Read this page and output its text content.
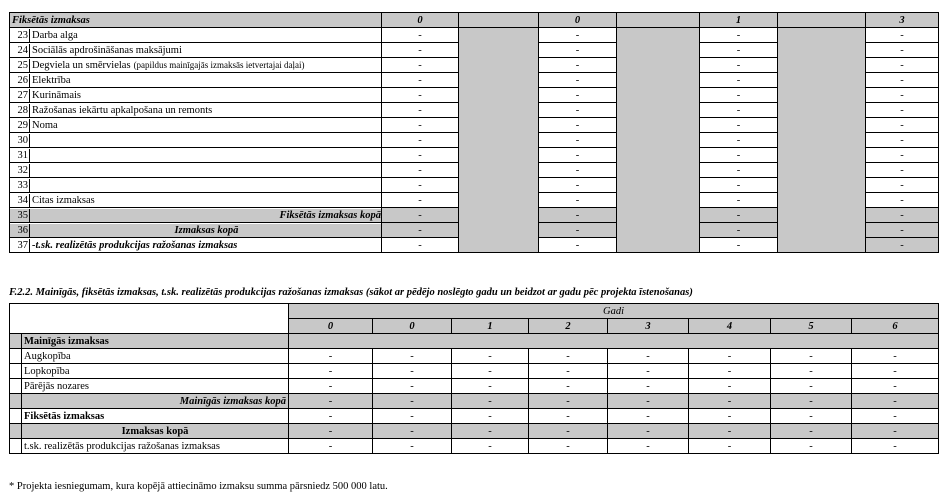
Fiksētās izmaksas	0		0		1		3

23 Darba alga	-		-		-		-

24 Sociālās apdrošināšanas maksājumi	-		-		-		-

25 Degviela un smērvielas (papildus mainīgajās izmaksās ietvertajai daļai)	-		-		-		-

26 Elektrība	-		-		-		-

27 Kurināmais	-		-		-		-

28 Ražošanas iekārtu apkalpošana un remonts	-		-		-		-

29 Noma	-		-		-		-

30	-		-		-		-

31	-		-		-		-

32	-		-		-		-

33	-		-		-		-

34 Citas izmaksas	-		-		-		-

35 Fiksētās izmaksas kopā	-		-		-		-

36 Izmaksas kopā	-		-		-		-

37 -t.sk. realizētās produkcijas ražošanas izmaksas	-		-		-		-
F.2.2. Mainīgās, fiksētās izmaksas, t.sk. realizētās produkcijas ražošanas izmaksas (sākot ar pēdējo noslēgto gadu un beidzot ar gadu pēc projekta īstenošanas)
		Gadi							
		0	0	1	2	3	4	5	6
	Mainīgās izmaksas								
	Augkopība	-	-	-	-	-	-	-	-
	Lopkopība	-	-	-	-	-	-	-	-
	Pārējās nozares	-	-	-	-	-	-	-	-
	Mainīgās izmaksas kopā	-	-	-	-	-	-	-	-
	Fiksētās izmaksas	-	-	-	-	-	-	-	-
	Izmaksas kopā	-	-	-	-	-	-	-	-
	t.sk. realizētās produkcijas ražošanas izmaksas	-	-	-	-	-	-	-	-
* Projekta iesniegumam, kura kopējā attiecināmo izmaksu summa pārsniedz 500 000 latu.
